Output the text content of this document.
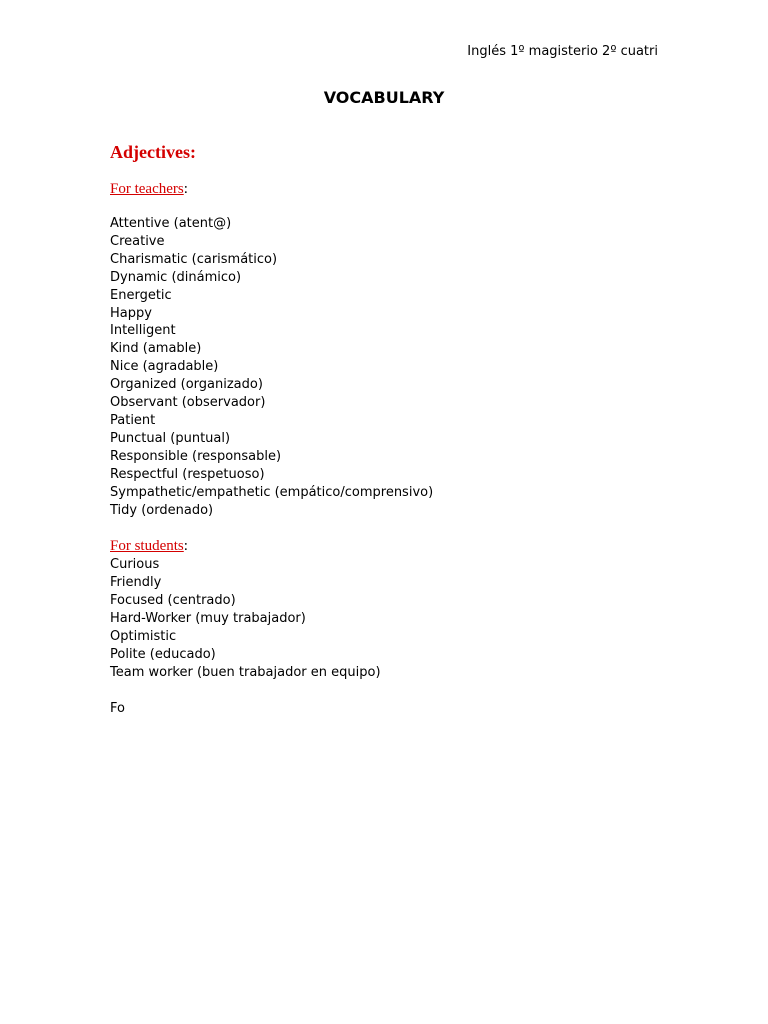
Inglés 1º magisterio 2º cuatri
VOCABULARY
Adjectives:
For teachers:
Attentive (atent@)
Creative
Charismatic (carismático)
Dynamic (dinámico)
Energetic
Happy
Intelligent
Kind (amable)
Nice (agradable)
Organized (organizado)
Observant (observador)
Patient
Punctual (puntual)
Responsible (responsable)
Respectful (respetuoso)
Sympathetic/empathetic (empático/comprensivo)
Tidy (ordenado)
For students:
Curious
Friendly
Focused (centrado)
Hard-Worker (muy trabajador)
Optimistic
Polite (educado)
Team worker (buen trabajador en equipo)
Fo
